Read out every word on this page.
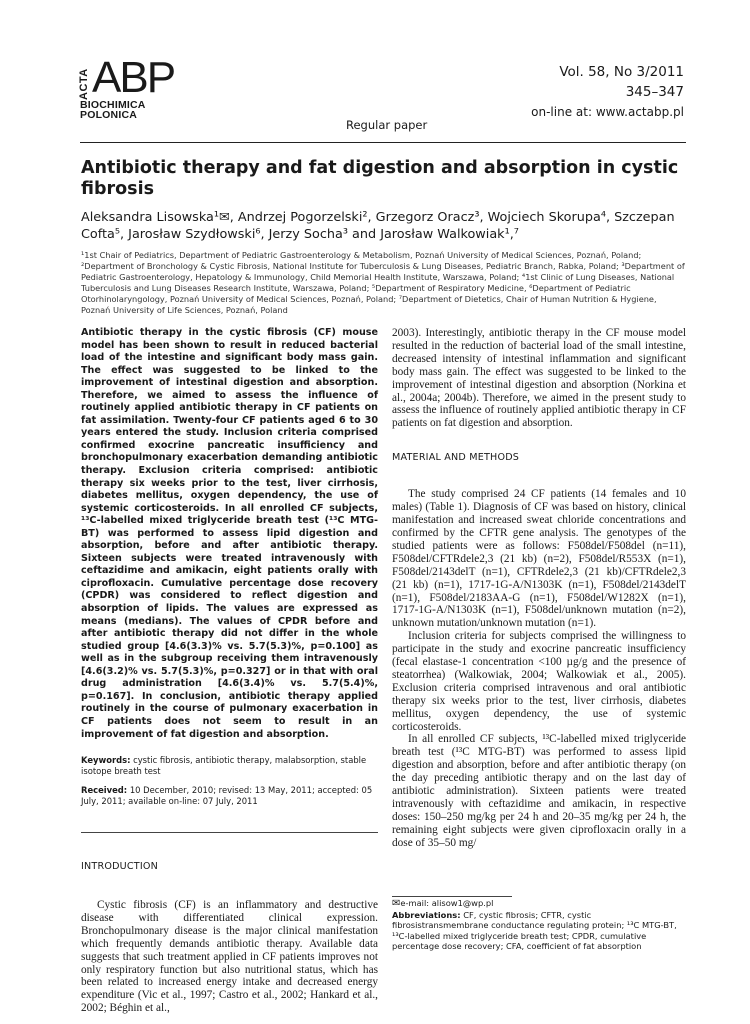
ACTA ABP
BIOCHIMICA
POLONICA
Vol. 58, No 3/2011
345–347
on-line at: www.actabp.pl
Regular paper
Antibiotic therapy and fat digestion and absorption in cystic fibrosis
Aleksandra Lisowska¹✉, Andrzej Pogorzelski², Grzegorz Oracz³, Wojciech Skorupa⁴, Szczepan Cofta⁵, Jarosław Szydłowski⁶, Jerzy Socha³ and Jarosław Walkowiak¹,⁷
¹1st Chair of Pediatrics, Department of Pediatric Gastroenterology & Metabolism, Poznań University of Medical Sciences, Poznań, Poland; ²Department of Bronchology & Cystic Fibrosis, National Institute for Tuberculosis & Lung Diseases, Pediatric Branch, Rabka, Poland; ³Department of Pediatric Gastroenterology, Hepatology & Immunology, Child Memorial Health Institute, Warszawa, Poland; ⁴1st Clinic of Lung Diseases, National Tuberculosis and Lung Diseases Research Institute, Warszawa, Poland; ⁵Department of Respiratory Medicine, ⁶Department of Pediatric Otorhinolaryngology, Poznań University of Medical Sciences, Poznań, Poland; ⁷Department of Dietetics, Chair of Human Nutrition & Hygiene, Poznań University of Life Sciences, Poznań, Poland

Antibiotic therapy in the cystic fibrosis (CF) mouse model has been shown to result in reduced bacterial load of the intestine and significant body mass gain. The effect was suggested to be linked to the improvement of intestinal digestion and absorption. Therefore, we aimed to assess the influence of routinely applied antibiotic therapy in CF patients on fat assimilation. Twenty-four CF patients aged 6 to 30 years entered the study. Inclusion criteria comprised confirmed exocrine pancreatic insufficiency and bronchopulmonary exacerbation demanding antibiotic therapy. Exclusion criteria comprised: antibiotic therapy six weeks prior to the test, liver cirrhosis, diabetes mellitus, oxygen dependency, the use of systemic corticosteroids. In all enrolled CF subjects, ¹³C-labelled mixed triglyceride breath test (¹³C MTG-BT) was performed to assess lipid digestion and absorption, before and after antibiotic therapy. Sixteen subjects were treated intravenously with ceftazidime and amikacin, eight patients orally with ciprofloxacin. Cumulative percentage dose recovery (CPDR) was considered to reflect digestion and absorption of lipids. The values are expressed as means (medians). The values of CPDR before and after antibiotic therapy did not differ in the whole studied group [4.6(3.3)% vs. 5.7(5.3)%, p=0.100] as well as in the subgroup receiving them intravenously [4.6(3.2)% vs. 5.7(5.3)%, p=0.327] or in that with oral drug administration [4.6(3.4)% vs. 5.7(5.4)%, p=0.167]. In conclusion, antibiotic therapy applied routinely in the course of pulmonary exacerbation in CF patients does not seem to result in an improvement of fat digestion and absorption.

Keywords: cystic fibrosis, antibiotic therapy, malabsorption, stable isotope breath test

Received: 10 December, 2010; revised: 13 May, 2011; accepted: 05 July, 2011; available on-line: 07 July, 2011

INTRODUCTION

Cystic fibrosis (CF) is an inflammatory and destructive disease with differentiated clinical expression. Bronchopulmonary disease is the major clinical manifestation which frequently demands antibiotic therapy. Available data suggests that such treatment applied in CF patients improves not only respiratory function but also nutritional status, which has been related to increased energy intake and decreased energy expenditure (Vic et al., 1997; Castro et al., 2002; Hankard et al., 2002; Béghin et al.,

2003). Interestingly, antibiotic therapy in the CF mouse model resulted in the reduction of bacterial load of the small intestine, decreased intensity of intestinal inflammation and significant body mass gain. The effect was suggested to be linked to the improvement of intestinal digestion and absorption (Norkina et al., 2004a; 2004b). Therefore, we aimed in the present study to assess the influence of routinely applied antibiotic therapy in CF patients on fat digestion and absorption.

MATERIAL AND METHODS

The study comprised 24 CF patients (14 females and 10 males) (Table 1). Diagnosis of CF was based on history, clinical manifestation and increased sweat chloride concentrations and confirmed by the CFTR gene analysis. The genotypes of the studied patients were as follows: F508del/F508del (n=11), F508del/CFTRdele2,3 (21 kb) (n=2), F508del/R553X (n=1), F508del/2143delT (n=1), CFTRdele2,3 (21 kb)/CFTRdele2,3 (21 kb) (n=1), 1717-1G-A/N1303K (n=1), F508del/2143delT (n=1), F508del/2183AA-G (n=1), F508del/W1282X (n=1), 1717-1G-A/N1303K (n=1), F508del/unknown mutation (n=2), unknown mutation/unknown mutation (n=1).

Inclusion criteria for subjects comprised the willingness to participate in the study and exocrine pancreatic insufficiency (fecal elastase-1 concentration <100 µg/g and the presence of steatorrhea) (Walkowiak, 2004; Walkowiak et al., 2005). Exclusion criteria comprised intravenous and oral antibiotic therapy six weeks prior to the test, liver cirrhosis, diabetes mellitus, oxygen dependency, the use of systemic corticosteroids.

In all enrolled CF subjects, ¹³C-labelled mixed triglyceride breath test (¹³C MTG-BT) was performed to assess lipid digestion and absorption, before and after antibiotic therapy (on the day preceding antibiotic therapy and on the last day of antibiotic administration). Sixteen patients were treated intravenously with ceftazidime and amikacin, in respective doses: 150–250 mg/kg per 24 h and 20–35 mg/kg per 24 h, the remaining eight subjects were given ciprofloxacin orally in a dose of 35–50 mg/

✉e-mail: alisow1@wp.pl
Abbreviations: CF, cystic fibrosis; CFTR, cystic fibrosistransmembrane conductance regulating protein; ¹³C MTG-BT, ¹³C-labelled mixed triglyceride breath test; CPDR, cumulative percentage dose recovery; CFA, coefficient of fat absorption
